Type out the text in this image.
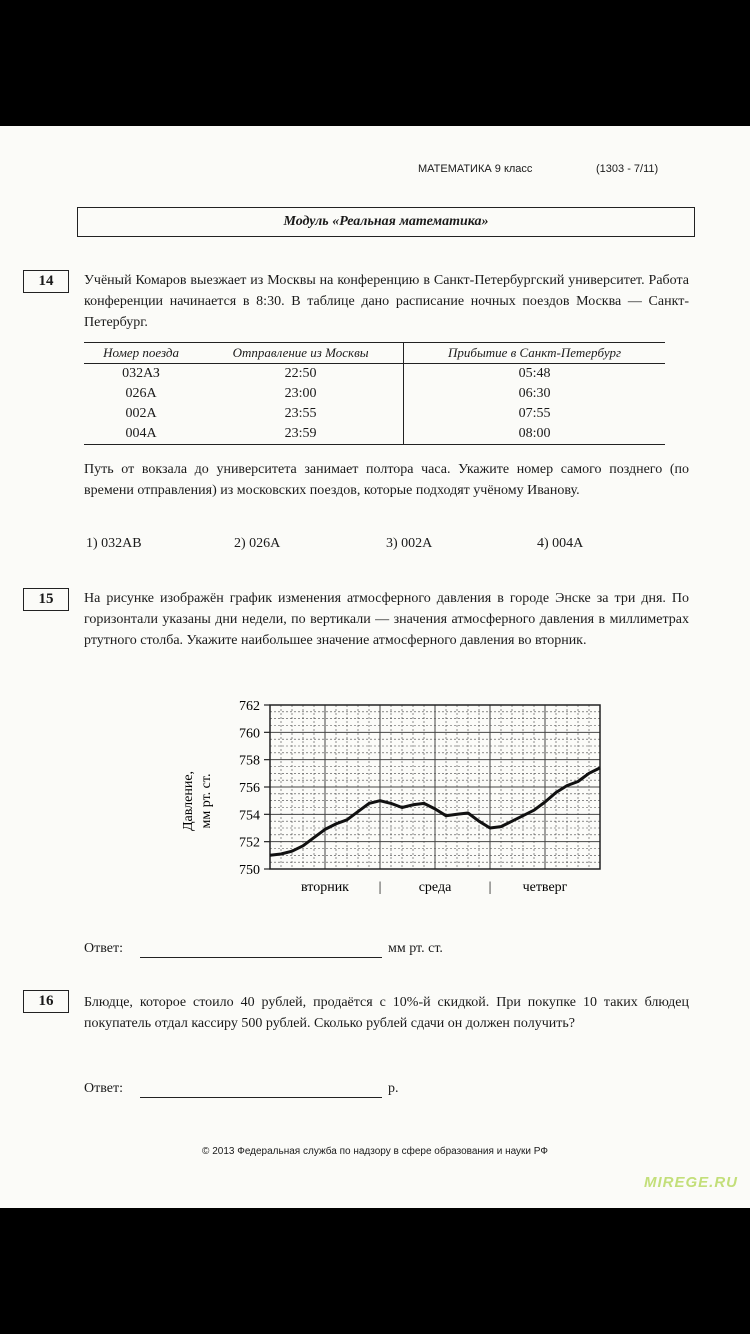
МАТЕМАТИКА 9 класс	(1303 - 7/11)
Модуль «Реальная математика»
14	Учёный Комаров выезжает из Москвы на конференцию в Санкт-Петербургский университет. Работа конференции начинается в 8:30. В таблице дано расписание ночных поездов Москва — Санкт-Петербург.
Номер поезда	Отправление из Москвы	Прибытие в Санкт-Петербург
032АЗ	22:50	05:48
026А	23:00	06:30
002А	23:55	07:55
004А	23:59	08:00
Путь от вокзала до университета занимает полтора часа. Укажите номер самого позднего (по времени отправления) из московских поездов, которые подходят учёному Иванову.
1) 032АВ	2) 026А	3) 002А	4) 004А
15	На рисунке изображён график изменения атмосферного давления в городе Энске за три дня. По горизонтали указаны дни недели, по вертикали — значения атмосферного давления в миллиметрах ртутного столба. Укажите наибольшее значение атмосферного давления во вторник.
750
752
754
756
758
760
762
вторник	среда
|	четверг
|
Давление, мм рт. ст.
Ответ:	мм рт. ст.
16	Блюдце, которое стоило 40 рублей, продаётся с 10%-й скидкой. При покупке 10 таких блюдец покупатель отдал кассиру 500 рублей. Сколько рублей сдачи он должен получить?
Ответ:	р.
© 2013 Федеральная служба по надзору в сфере образования и науки РФ
MIREGE.RU
